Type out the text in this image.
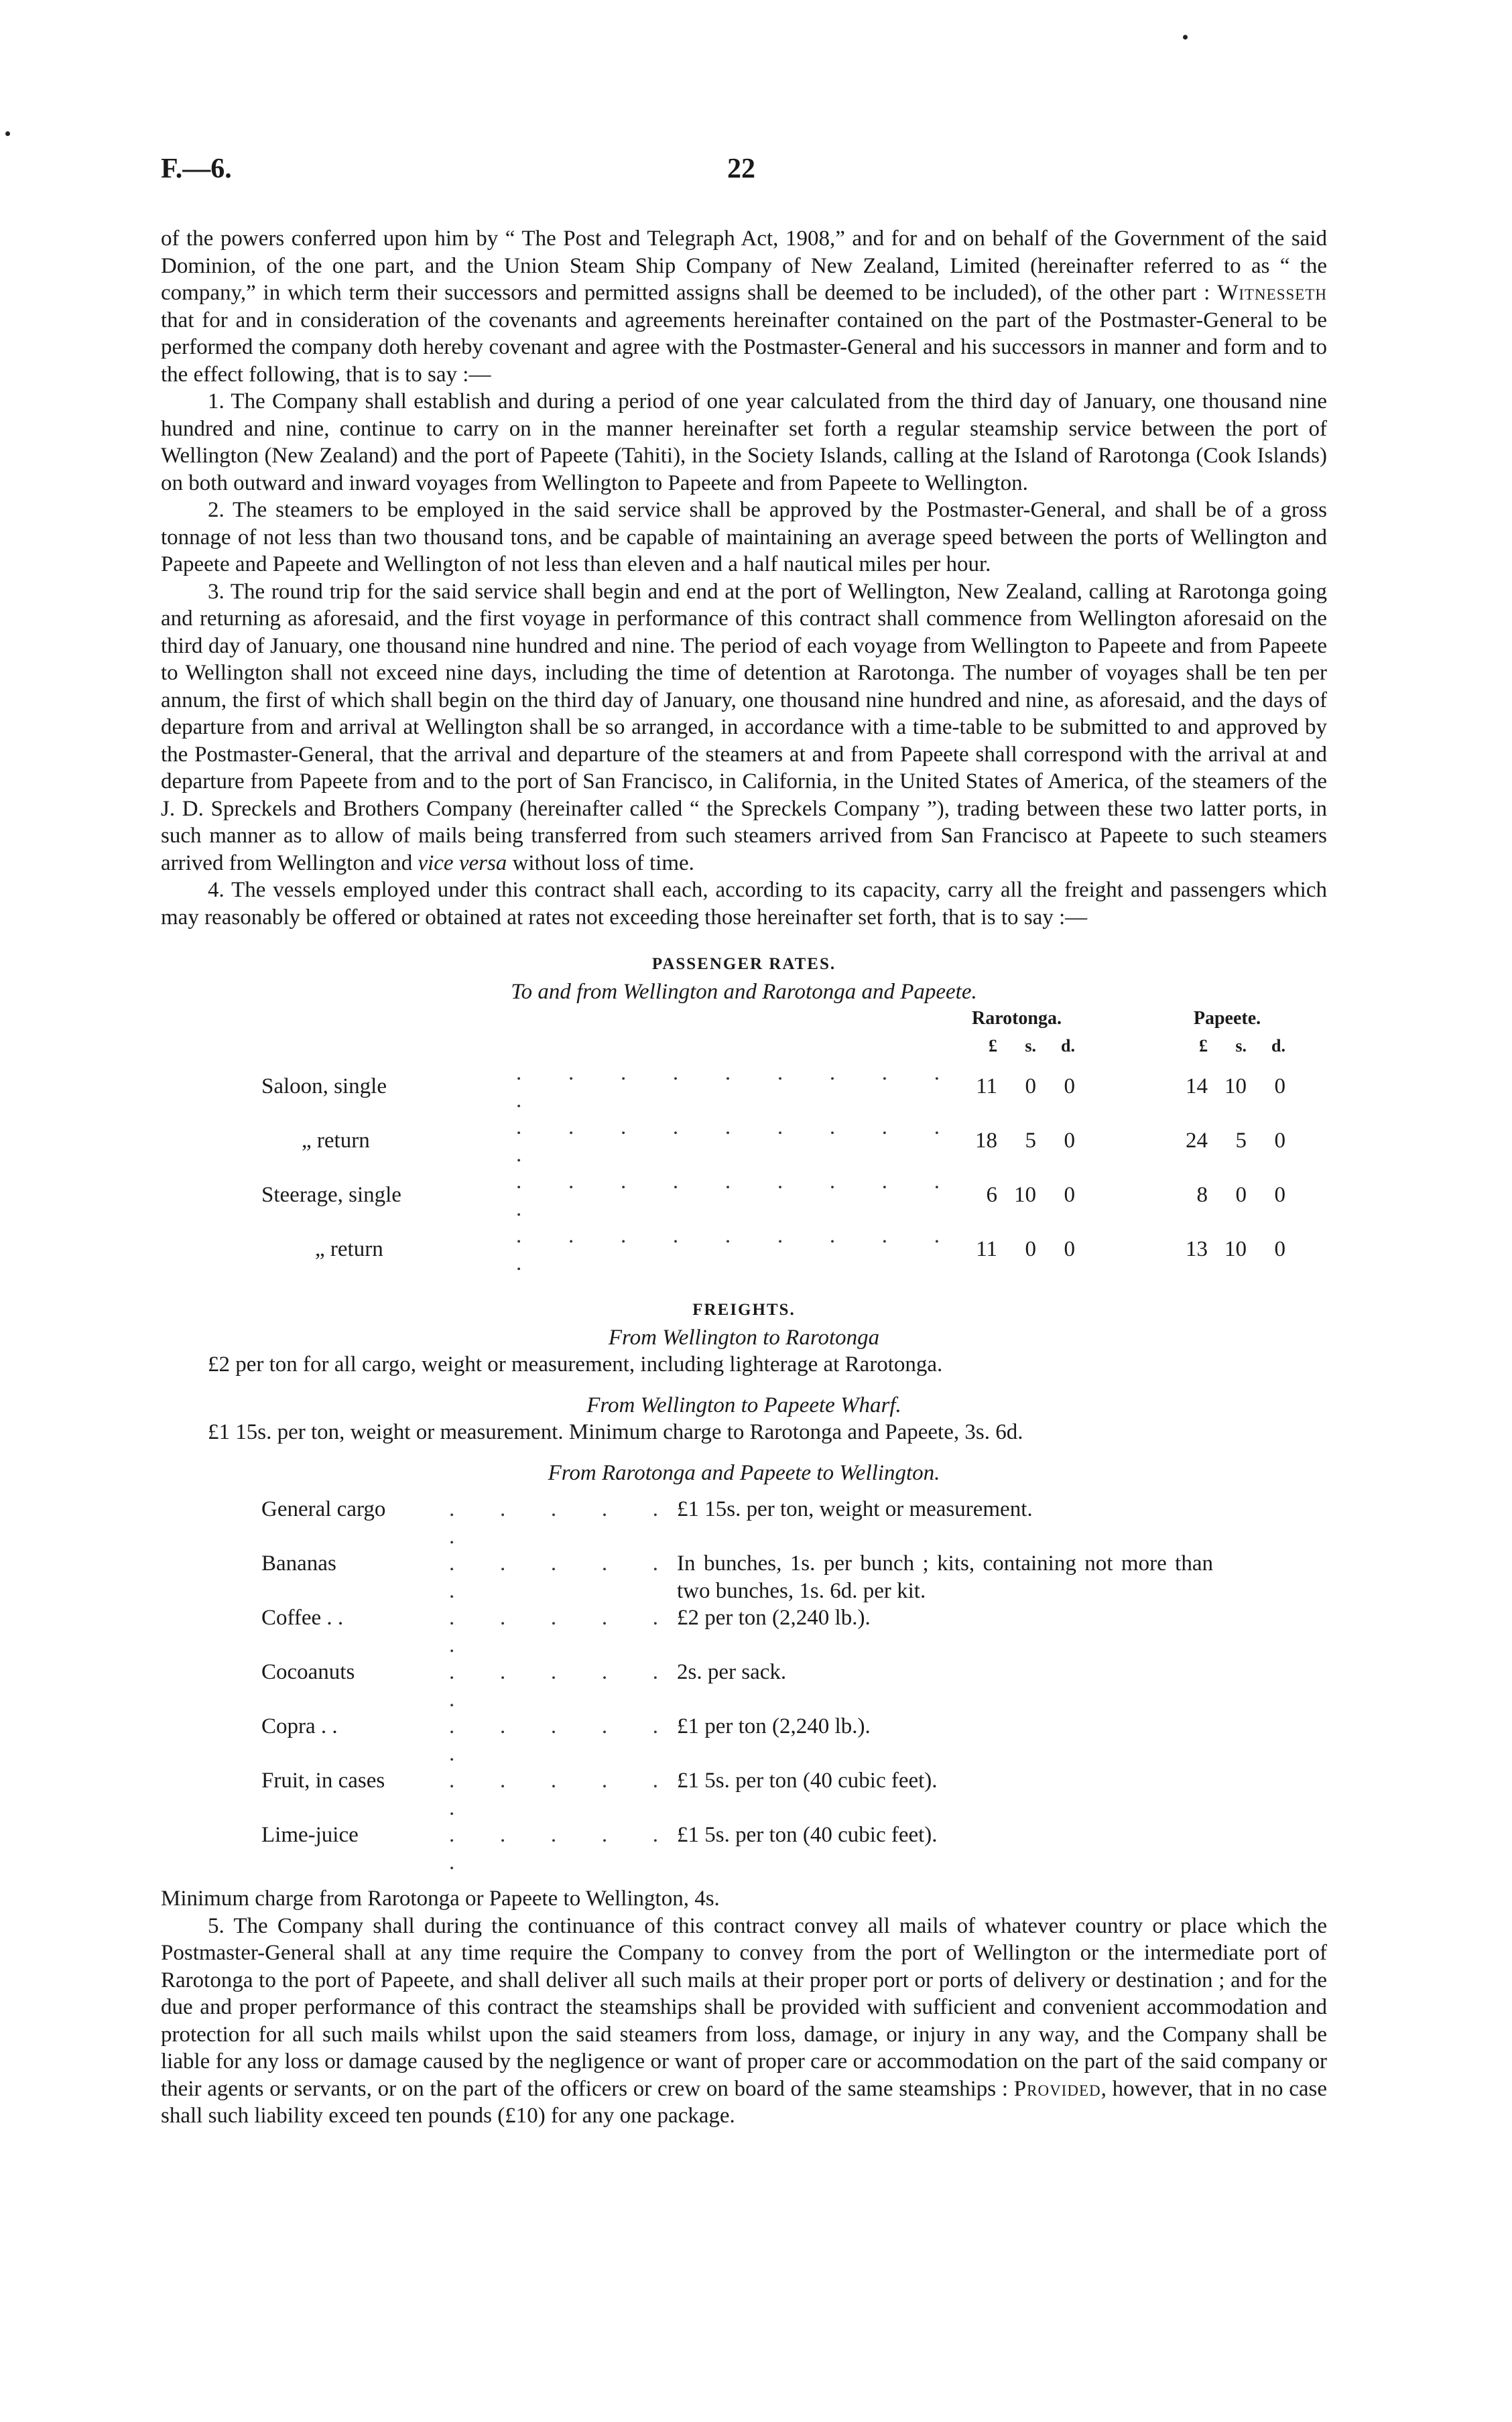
F.—6.	22

of the powers conferred upon him by “ The Post and Telegraph Act, 1908,” and for and on behalf of the Government of the said Dominion, of the one part, and the Union Steam Ship Company of New Zealand, Limited (hereinafter referred to as “ the company,” in which term their successors and permitted assigns shall be deemed to be included), of the other part : Witnesseth that for and in consideration of the covenants and agreements hereinafter contained on the part of the Postmaster-General to be performed the company doth hereby covenant and agree with the Postmaster-General and his successors in manner and form and to the effect following, that is to say :—

1. The Company shall establish and during a period of one year calculated from the third day of January, one thousand nine hundred and nine, continue to carry on in the manner hereinafter set forth a regular steamship service between the port of Wellington (New Zealand) and the port of Papeete (Tahiti), in the Society Islands, calling at the Island of Rarotonga (Cook Islands) on both outward and inward voyages from Wellington to Papeete and from Papeete to Wellington.

2. The steamers to be employed in the said service shall be approved by the Postmaster-General, and shall be of a gross tonnage of not less than two thousand tons, and be capable of maintaining an average speed between the ports of Wellington and Papeete and Papeete and Wellington of not less than eleven and a half nautical miles per hour.

3. The round trip for the said service shall begin and end at the port of Wellington, New Zealand, calling at Rarotonga going and returning as aforesaid, and the first voyage in performance of this contract shall commence from Wellington aforesaid on the third day of January, one thousand nine hundred and nine. The period of each voyage from Wellington to Papeete and from Papeete to Wellington shall not exceed nine days, including the time of detention at Rarotonga. The number of voyages shall be ten per annum, the first of which shall begin on the third day of January, one thousand nine hundred and nine, as aforesaid, and the days of departure from and arrival at Wellington shall be so arranged, in accordance with a time-table to be submitted to and approved by the Postmaster-General, that the arrival and departure of the steamers at and from Papeete shall correspond with the arrival at and departure from Papeete from and to the port of San Francisco, in California, in the United States of America, of the steamers of the J. D. Spreckels and Brothers Company (hereinafter called “ the Spreckels Company ”), trading between these two latter ports, in such manner as to allow of mails being transferred from such steamers arrived from San Francisco at Papeete to such steamers arrived from Wellington and vice versa without loss of time.

4. The vessels employed under this contract shall each, according to its capacity, carry all the freight and passengers which may reasonably be offered or obtained at rates not exceeding those hereinafter set forth, that is to say :—

PASSENGER RATES.

To and from Wellington and Rarotonga and Papeete.

		Rarotonga.				Papeete.		
		£	s.	d.		£	s.	d.
Saloon, single	. . . . . . . . . .	11	0	0		14	10	0
„ return	. . . . . . . . . .	18	5	0		24	5	0
Steerage, single	. . . . . . . . . .	6	10	0		8	0	0
„ return	. . . . . . . . . .	11	0	0		13	10	0

FREIGHTS.

From Wellington to Rarotonga

£2 per ton for all cargo, weight or measurement, including lighterage at Rarotonga.

From Wellington to Papeete Wharf.

£1 15s. per ton, weight or measurement. Minimum charge to Rarotonga and Papeete, 3s. 6d.

From Rarotonga and Papeete to Wellington.

General cargo	. . . . . .	£1 15s. per ton, weight or measurement.
Bananas	. . . . . .	In bunches, 1s. per bunch ; kits, containing not more than two bunches, 1s. 6d. per kit.
Coffee . .	. . . . . .	£2 per ton (2,240 lb.).
Cocoanuts	. . . . . .	2s. per sack.
Copra . .	. . . . . .	£1 per ton (2,240 lb.).
Fruit, in cases	. . . . . .	£1 5s. per ton (40 cubic feet).
Lime-juice	. . . . . .	£1 5s. per ton (40 cubic feet).

Minimum charge from Rarotonga or Papeete to Wellington, 4s.

5. The Company shall during the continuance of this contract convey all mails of whatever country or place which the Postmaster-General shall at any time require the Company to convey from the port of Wellington or the intermediate port of Rarotonga to the port of Papeete, and shall deliver all such mails at their proper port or ports of delivery or destination ; and for the due and proper performance of this contract the steamships shall be provided with sufficient and convenient accommodation and protection for all such mails whilst upon the said steamers from loss, damage, or injury in any way, and the Company shall be liable for any loss or damage caused by the negligence or want of proper care or accommodation on the part of the said company or their agents or servants, or on the part of the officers or crew on board of the same steamships : Provided, however, that in no case shall such liability exceed ten pounds (£10) for any one package.
